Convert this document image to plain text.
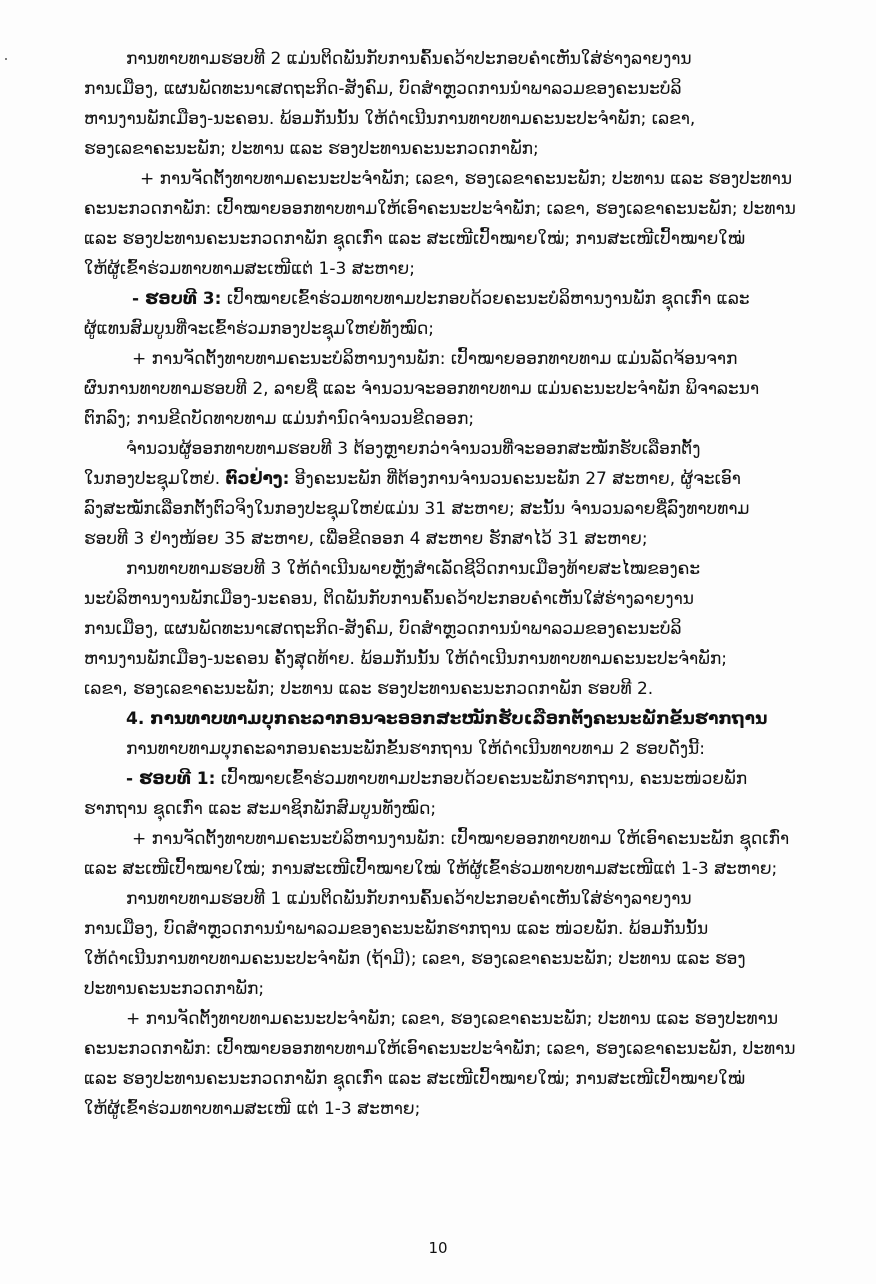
ການທາບທາມຮອບທີ 2 ແມ່ນຕິດພັນກັບການຄົ້ນຄວ້າປະກອບຄຳເຫັນໃສ່ຮ່າງລາຍງານ
ການເມືອງ, ແຜນພັດທະນາເສດຖະກິດ-ສັງຄົມ, ບົດສໍາຫຼວດການນໍາພາລວມຂອງຄະນະບໍລິ
ຫານງານພັກເມືອງ-ນະຄອນ. ພ້ອມກັນນັ້ນ ໃຫ້ດໍາເນີນການທາບທາມຄະນະປະຈໍາພັກ; ເລຂາ,
ຮອງເລຂາຄະນະພັກ; ປະທານ ແລະ ຮອງປະທານຄະນະກວດກາພັກ;
+ ການຈັດຕັ້ງທາບທາມຄະນະປະຈໍາພັກ; ເລຂາ, ຮອງເລຂາຄະນະພັກ; ປະທານ ແລະ ຮອງປະທານ
ຄະນະກວດກາພັກ: ເປົ້າໝາຍອອກທາບທາມໃຫ້ເອົາຄະນະປະຈໍາພັກ; ເລຂາ, ຮອງເລຂາຄະນະພັກ; ປະທານ
ແລະ ຮອງປະທານຄະນະກວດກາພັກ ຊຸດເກົ່າ ແລະ ສະເໜີເປົ້າໝາຍໃໝ່; ການສະເໜີເປົ້າໝາຍໃໝ່
ໃຫ້ຜູ້ເຂົ້າຮ່ວມທາບທາມສະເໜີແຕ່ 1-3 ສະຫາຍ;
- ຮອບທີ 3: ເປົ້າໝາຍເຂົ້າຮ່ວມທາບທາມປະກອບດ້ວຍຄະນະບໍລິຫານງານພັກ ຊຸດເກົ່າ ແລະ
ຜູ້ແທນສົມບູນທີ່ຈະເຂົ້າຮ່ວມກອງປະຊຸມໃຫຍ່ທັງໝົດ;
+ ການຈັດຕັ້ງທາບທາມຄະນະບໍລິຫານງານພັກ: ເປົ້າໝາຍອອກທາບທາມ ແມ່ນລັດຈ້ອນຈາກ
ຜົນການທາບທາມຮອບທີ 2, ລາຍຊື່ ແລະ ຈໍານວນຈະອອກທາບທາມ ແມ່ນຄະນະປະຈໍາພັກ ພິຈາລະນາ
ຕົກລົງ; ການຂີດບັດທາບທາມ ແມ່ນກໍານົດຈໍານວນຂີດອອກ;
ຈໍານວນຜູ້ອອກທາບທາມຮອບທີ 3 ຕ້ອງຫຼາຍກວ່າຈໍານວນທີ່ຈະອອກສະໝັກຮັບເລືອກຕັ້ງ
ໃນກອງປະຊຸມໃຫຍ່. ຕົວຢ່າງ: ອີງຄະນະພັກ ທີ່ຕ້ອງການຈໍານວນຄະນະພັກ 27 ສະຫາຍ, ຜູ້ຈະເອົາ
ລົງສະໝັກເລືອກຕັ້ງຕົວຈິງໃນກອງປະຊຸມໃຫຍ່ແມ່ນ 31 ສະຫາຍ; ສະນັ້ນ ຈໍານວນລາຍຊື່ລົງທາບທາມ
ຮອບທີ 3 ຢ່າງໜ້ອຍ 35 ສະຫາຍ, ເພື່ອຂີດອອກ 4 ສະຫາຍ ຮັກສາໄວ້ 31 ສະຫາຍ;
ການທາບທາມຮອບທີ 3 ໃຫ້ດໍາເນີນພາຍຫຼັງສໍາເລັດຊີວິດການເມືອງທ້າຍສະໄໝຂອງຄະ
ນະບໍລິຫານງານພັກເມືອງ-ນະຄອນ, ຕິດພັນກັບການຄົ້ນຄວ້າປະກອບຄໍາເຫັນໃສ່ຮ່າງລາຍງານ
ການເມືອງ, ແຜນພັດທະນາເສດຖະກິດ-ສັງຄົມ, ບົດສໍາຫຼວດການນໍາພາລວມຂອງຄະນະບໍລິ
ຫານງານພັກເມືອງ-ນະຄອນ ຄັ້ງສຸດທ້າຍ. ພ້ອມກັນນັ້ນ ໃຫ້ດໍາເນີນການທາບທາມຄະນະປະຈໍາພັກ;
ເລຂາ, ຮອງເລຂາຄະນະພັກ; ປະທານ ແລະ ຮອງປະທານຄະນະກວດກາພັກ ຮອບທີ 2.
4. ການທາບທາມບຸກຄະລາກອນຈະອອກສະໝັກຮັບເລືອກຕັ້ງຄະນະພັກຂັ້ນຮາກຖານ
ການທາບທາມບຸກຄະລາກອນຄະນະພັກຂັ້ນຮາກຖານ ໃຫ້ດໍາເນີນທາບທາມ 2 ຮອບດັ່ງນີ້:
- ຮອບທີ 1: ເປົ້າໝາຍເຂົ້າຮ່ວມທາບທາມປະກອບດ້ວຍຄະນະພັກຮາກຖານ, ຄະນະໜ່ວຍພັກ
ຮາກຖານ ຊຸດເກົ່າ ແລະ ສະມາຊິກພັກສົມບູນທັງໝົດ;
+ ການຈັດຕັ້ງທາບທາມຄະນະບໍລິຫານງານພັກ: ເປົ້າໝາຍອອກທາບທາມ ໃຫ້ເອົາຄະນະພັກ ຊຸດເກົ່າ
ແລະ ສະເໜີເປົ້າໝາຍໃໝ່; ການສະເໜີເປົ້າໝາຍໃໝ່ ໃຫ້ຜູ້ເຂົ້າຮ່ວມທາບທາມສະເໜີແຕ່ 1-3 ສະຫາຍ;
ການທາບທາມຮອບທີ 1 ແມ່ນຕິດພັນກັບການຄົ້ນຄວ້າປະກອບຄໍາເຫັນໃສ່ຮ່າງລາຍງານ
ການເມືອງ, ບົດສໍາຫຼວດການນໍາພາລວມຂອງຄະນະພັກຮາກຖານ ແລະ ໜ່ວຍພັກ. ພ້ອມກັນນັ້ນ
ໃຫ້ດໍາເນີນການທາບທາມຄະນະປະຈໍາພັກ (ຖ້າມີ); ເລຂາ, ຮອງເລຂາຄະນະພັກ; ປະທານ ແລະ ຮອງ
ປະທານຄະນະກວດກາພັກ;
+ ການຈັດຕັ້ງທາບທາມຄະນະປະຈໍາພັກ; ເລຂາ, ຮອງເລຂາຄະນະພັກ; ປະທານ ແລະ ຮອງປະທານ
ຄະນະກວດກາພັກ: ເປົ້າໝາຍອອກທາບທາມໃຫ້ເອົາຄະນະປະຈໍາພັກ; ເລຂາ, ຮອງເລຂາຄະນະພັກ, ປະທານ
ແລະ ຮອງປະທານຄະນະກວດກາພັກ ຊຸດເກົ່າ ແລະ ສະເໜີເປົ້າໝາຍໃໝ່; ການສະເໜີເປົ້າໝາຍໃໝ່
ໃຫ້ຜູ້ເຂົ້າຮ່ວມທາບທາມສະເໜີ ແຕ່ 1-3 ສະຫາຍ;
10
